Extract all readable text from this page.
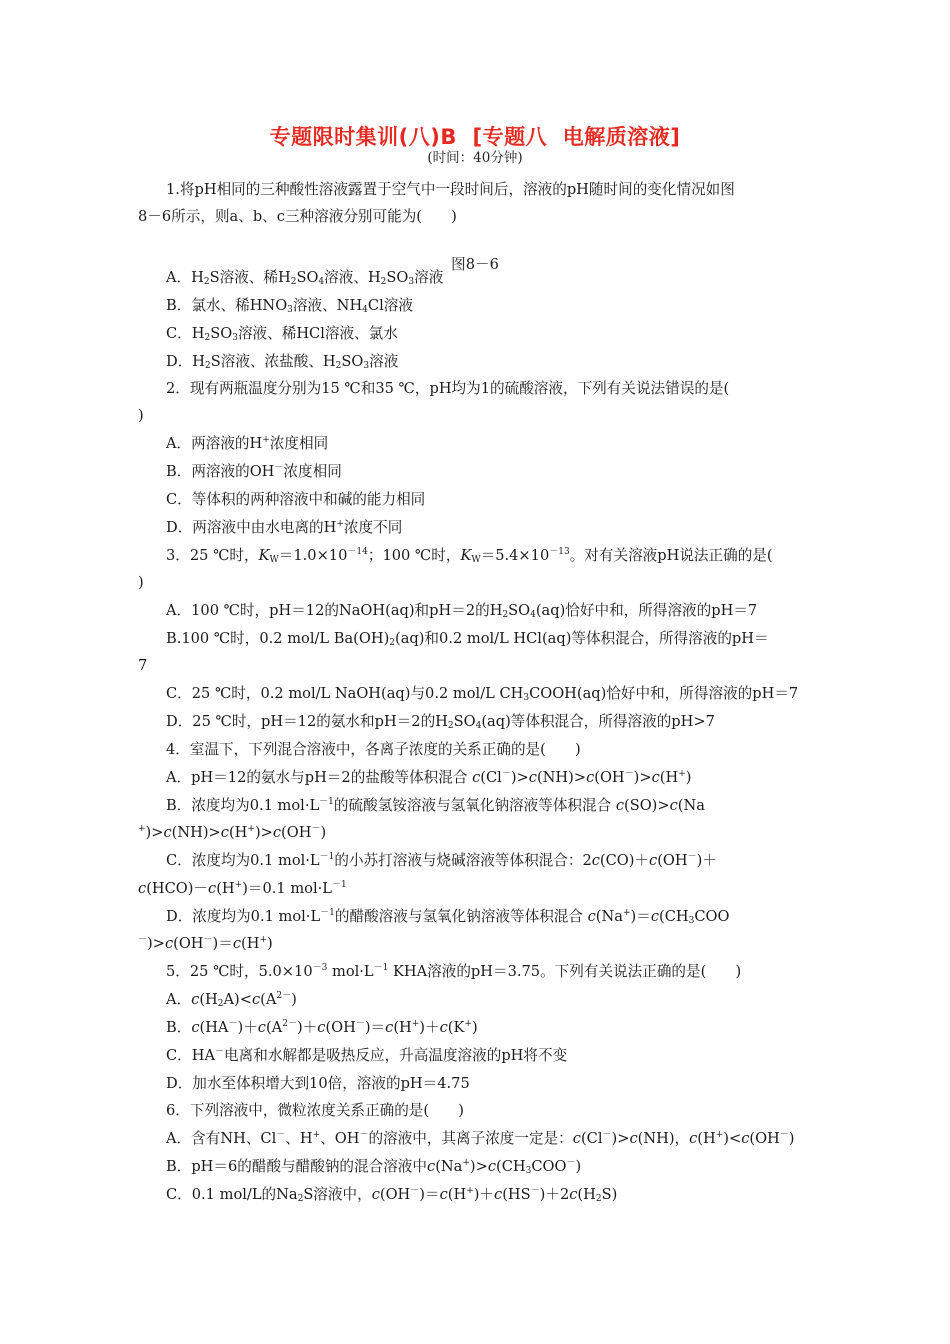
专题限时集训(八)B  [专题八  电解质溶液]
(时间：40分钟)
1.将pH相同的三种酸性溶液露置于空气中一段时间后，溶液的pH随时间的变化情况如图
8－6所示，则a、b、c三种溶液分别可能为(　　)
图8－6
A．$H_2S$溶液、稀$H_2SO_4$溶液、$H_2SO_3$溶液
B．氯水、稀$HNO_3$溶液、$NH_4Cl$溶液
C．$H_2SO_3$溶液、稀HCl溶液、氯水
D．$H_2S$溶液、浓盐酸、$H_2SO_3$溶液
2．现有两瓶温度分别为15 ℃和35 ℃，pH均为1的硫酸溶液，下列有关说法错误的是(
)
A．两溶液的H+浓度相同
B．两溶液的OH－浓度相同
C．等体积的两种溶液中和碱的能力相同
D．两溶液中由水电离的H+浓度不同
3．25 ℃时，$K_W=1.0\times 10^{-14}$；100 ℃时，$K_W=5.4\times 10^{-13}$。对有关溶液pH说法正确的是(
)
A．100 ℃时，pH＝12的NaOH(aq)和pH＝2的$H_2SO_4(aq)$恰好中和，所得溶液的pH＝7
B.100 ℃时，0.2 mol/L $Ba(OH)_2(aq)$和0.2 mol/L HCl(aq)等体积混合，所得溶液的pH＝
7
C．25 ℃时，0.2 mol/L NaOH(aq)与0.2 mol/L $CH_3COOH(aq)$恰好中和，所得溶液的pH＝7
D．25 ℃时，pH＝12的氨水和pH＝2的$H_2SO_4(aq)$等体积混合，所得溶液的pH>7
4．室温下，下列混合溶液中，各离子浓度的关系正确的是(　　)
A．pH＝12的氨水与pH＝2的盐酸等体积混合 c(Cl－)>c(NH)>c(OH－)>c(H+)
B．浓度均为0.1 $mol\cdot L^{-1}$的硫酸氢铵溶液与氢氧化钠溶液等体积混合 c(SO)>c(Na
+)>c(NH)>c(H+)>c(OH－)
C．浓度均为0.1 $mol\cdot L^{-1}$的小苏打溶液与烧碱溶液等体积混合：2c(CO)＋c(OH－)＋
c(HCO)－c(H+)＝0.1 $mol\cdot L^{-1}$
D．浓度均为0.1 $mol\cdot L^{-1}$的醋酸溶液与氢氧化钠溶液等体积混合 $c(Na^+)=c(CH_3COO$
－)>c(OH－)＝c(H+)
5．25 ℃时，$5.0\times 10^{-3}$ $mol\cdot L^{-1}$ KHA溶液的pH＝3.75。下列有关说法正确的是(　　)
A．$c(H_2A)<c(A^{2-})$
B．$c(HA^-)+c(A^{2-})+c(OH^-)=c(H^+)+c(K^+)$
C．HA－电离和水解都是吸热反应，升高温度溶液的pH将不变
D．加水至体积增大到10倍，溶液的pH＝4.75
6．下列溶液中，微粒浓度关系正确的是(　　)
A．含有NH、Cl－、H+、OH－的溶液中，其离子浓度一定是：c(Cl－)>c(NH)，c(H+)<c(OH－)
B．pH＝6的醋酸与醋酸钠的混合溶液中$c(Na^+)>c(CH_3COO^-)$
C．0.1 mol/L的$Na_2S$溶液中，$c(OH^-)=c(H^+)+c(HS^-)+2c(H_2S)$
